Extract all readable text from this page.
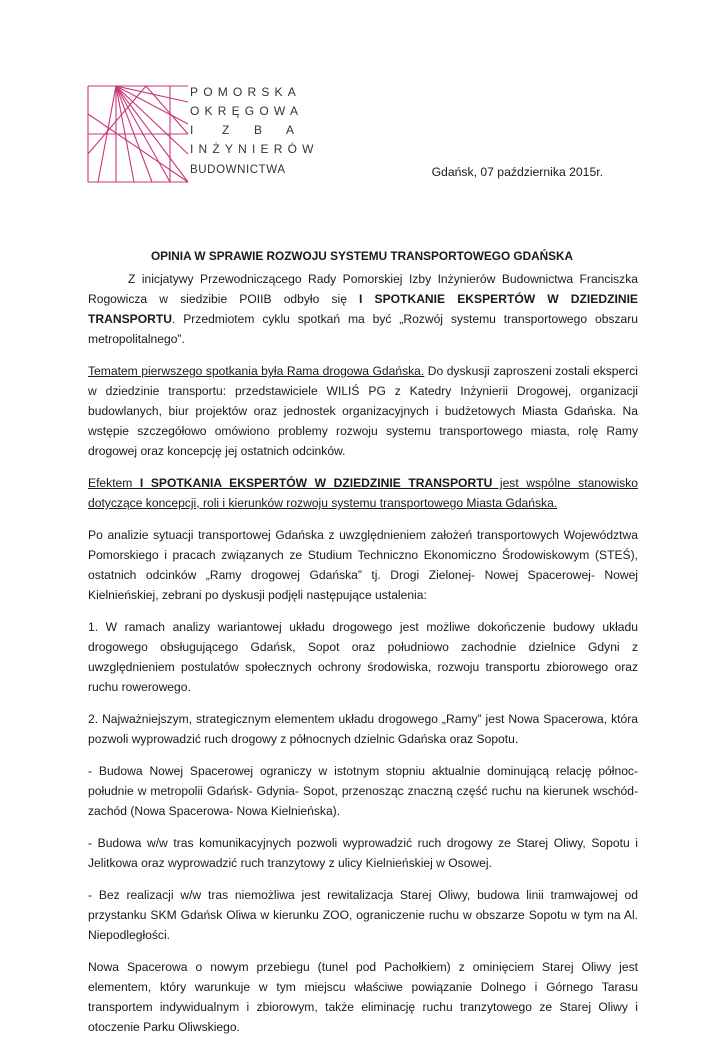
POMORSKA
OKRĘGOWA
I Z B A
INŻYNIERÓW
BUDOWNICTWA	Gdańsk, 07 października 2015r.
OPINIA W SPRAWIE ROZWOJU SYSTEMU TRANSPORTOWEGO GDAŃSKA

Z inicjatywy Przewodniczącego Rady Pomorskiej Izby Inżynierów Budownictwa Franciszka Rogowicza w siedzibie POIIB odbyło się I SPOTKANIE EKSPERTÓW W DZIEDZINIE TRANSPORTU. Przedmiotem cyklu spotkań ma być „Rozwój systemu transportowego obszaru metropolitalnego”.

Tematem pierwszego spotkania była Rama drogowa Gdańska. Do dyskusji zaproszeni zostali eksperci w dziedzinie transportu: przedstawiciele WILIŚ PG z Katedry Inżynierii Drogowej, organizacji budowlanych, biur projektów oraz jednostek organizacyjnych i budżetowych Miasta Gdańska. Na wstępie szczegółowo omówiono problemy rozwoju systemu transportowego miasta, rolę Ramy drogowej oraz koncepcję jej ostatnich odcinków.

Efektem I SPOTKANIA EKSPERTÓW W DZIEDZINIE TRANSPORTU jest wspólne stanowisko dotyczące koncepcji, roli i kierunków rozwoju systemu transportowego Miasta Gdańska.

Po analizie sytuacji transportowej Gdańska z uwzględnieniem założeń transportowych Województwa Pomorskiego i pracach związanych ze Studium Techniczno Ekonomiczno Środowiskowym (STEŚ), ostatnich odcinków „Ramy drogowej Gdańska” tj. Drogi Zielonej- Nowej Spacerowej- Nowej Kielnieńskiej, zebrani po dyskusji podjęli następujące ustalenia:

1. W ramach analizy wariantowej układu drogowego jest możliwe dokończenie budowy układu drogowego obsługującego Gdańsk, Sopot oraz południowo zachodnie dzielnice Gdyni z uwzględnieniem postulatów społecznych ochrony środowiska, rozwoju transportu zbiorowego oraz ruchu rowerowego.

2. Najważniejszym, strategicznym elementem układu drogowego „Ramy” jest Nowa Spacerowa, która pozwoli wyprowadzić ruch drogowy z północnych dzielnic Gdańska oraz Sopotu.

- Budowa Nowej Spacerowej ograniczy w istotnym stopniu aktualnie dominującą relację północ-południe w metropolii Gdańsk- Gdynia- Sopot, przenosząc znaczną część ruchu na kierunek wschód-zachód (Nowa Spacerowa- Nowa Kielnieńska).

- Budowa w/w tras komunikacyjnych pozwoli wyprowadzić ruch drogowy ze Starej Oliwy, Sopotu i Jelitkowa oraz wyprowadzić ruch tranzytowy z ulicy Kielnieńskiej w Osowej.

- Bez realizacji w/w tras niemożliwa jest rewitalizacja Starej Oliwy, budowa linii tramwajowej od przystanku SKM Gdańsk Oliwa w kierunku ZOO, ograniczenie ruchu w obszarze Sopotu w tym na Al. Niepodległości.

Nowa Spacerowa o nowym przebiegu (tunel pod Pachołkiem) z ominięciem Starej Oliwy jest elementem, który warunkuje w tym miejscu właściwe powiązanie Dolnego i Górnego Tarasu transportem indywidualnym i zbiorowym, także eliminację ruchu tranzytowego ze Starej Oliwy i otoczenie Parku Oliwskiego.
